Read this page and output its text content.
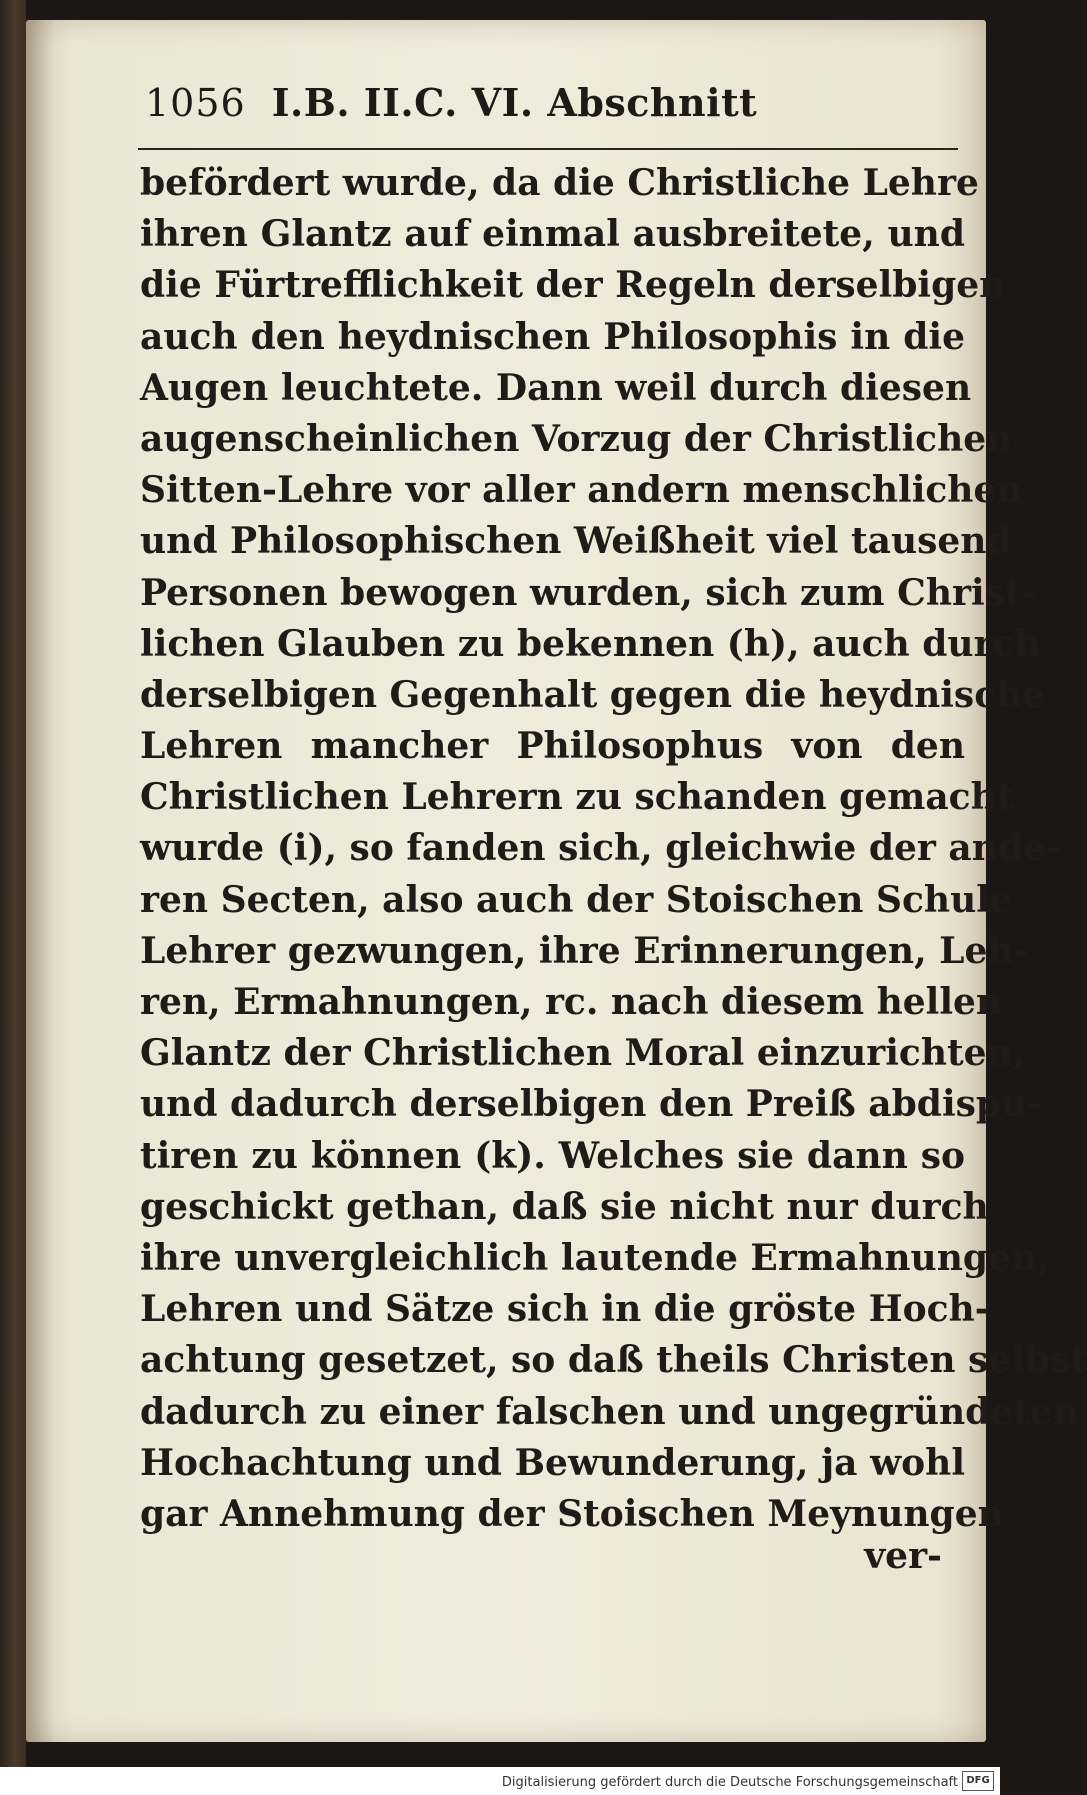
1056 I.B. II.C. VI. Abschnitt
befördert wurde, da die Christliche Lehre
ihren Glantz auf einmal ausbreitete, und
die Fürtrefflichkeit der Regeln derselbigen
auch den heydnischen Philosophis in die
Augen leuchtete. Dann weil durch diesen
augenscheinlichen Vorzug der Christlichen
Sitten-Lehre vor aller andern menschlichen
und Philosophischen Weißheit viel tausend
Personen bewogen wurden, sich zum Christ-
lichen Glauben zu bekennen (h), auch durch
derselbigen Gegenhalt gegen die heydnische
Lehren mancher Philosophus von den
Christlichen Lehrern zu schanden gemacht
wurde (i), so fanden sich, gleichwie der ande-
ren Secten, also auch der Stoischen Schule
Lehrer gezwungen, ihre Erinnerungen, Leh-
ren, Ermahnungen, rc. nach diesem hellen
Glantz der Christlichen Moral einzurichten,
und dadurch derselbigen den Preiß abdispu-
tiren zu können (k). Welches sie dann so
geschickt gethan, daß sie nicht nur durch
ihre unvergleichlich lautende Ermahnungen,
Lehren und Sätze sich in die gröste Hoch-
achtung gesetzet, so daß theils Christen selbst
dadurch zu einer falschen und ungegründeten
Hochachtung und Bewunderung, ja wohl
gar Annehmung der Stoischen Meynungen
ver-
Digitalisierung gefördert durch die Deutsche Forschungsgemeinschaft DFG
